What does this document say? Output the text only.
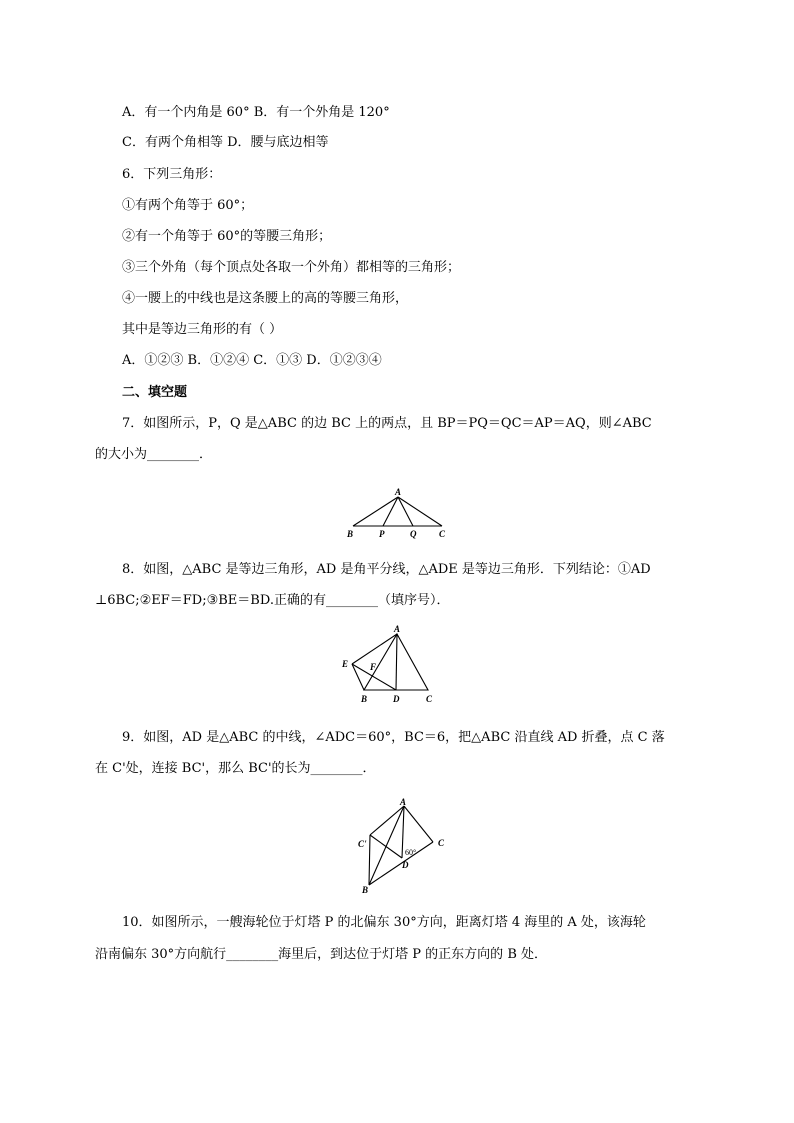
A．有一个内角是 60° B．有一个外角是 120°
C．有两个角相等 D．腰与底边相等
6．下列三角形：
①有两个角等于 60°；
②有一个角等于 60°的等腰三角形；
③三个外角（每个顶点处各取一个外角）都相等的三角形；
④一腰上的中线也是这条腰上的高的等腰三角形，
其中是等边三角形的有（ ）
A．①②③ B．①②④ C．①③ D．①②③④
二、填空题
7．如图所示，P，Q 是△ABC 的边 BC 上的两点，且 BP＝PQ＝QC＝AP＝AQ，则∠ABC
的大小为________．
A
B	P	Q	C
8．如图，△ABC 是等边三角形，AD 是角平分线，△ADE 是等边三角形．下列结论：①AD
⊥6BC;②EF＝FD;③BE＝BD.正确的有________（填序号）．
A
E F
B	D	C
9．如图，AD 是△ABC 的中线，∠ADC＝60°，BC＝6，把△ABC 沿直线 AD 折叠，点 C 落
在 C'处，连接 BC'，那么 BC'的长为________．
A
C'	C
60°
D
B
10．如图所示，一艘海轮位于灯塔 P 的北偏东 30°方向，距离灯塔 4 海里的 A 处，该海轮
沿南偏东 30°方向航行________海里后，到达位于灯塔 P 的正东方向的 B 处．
